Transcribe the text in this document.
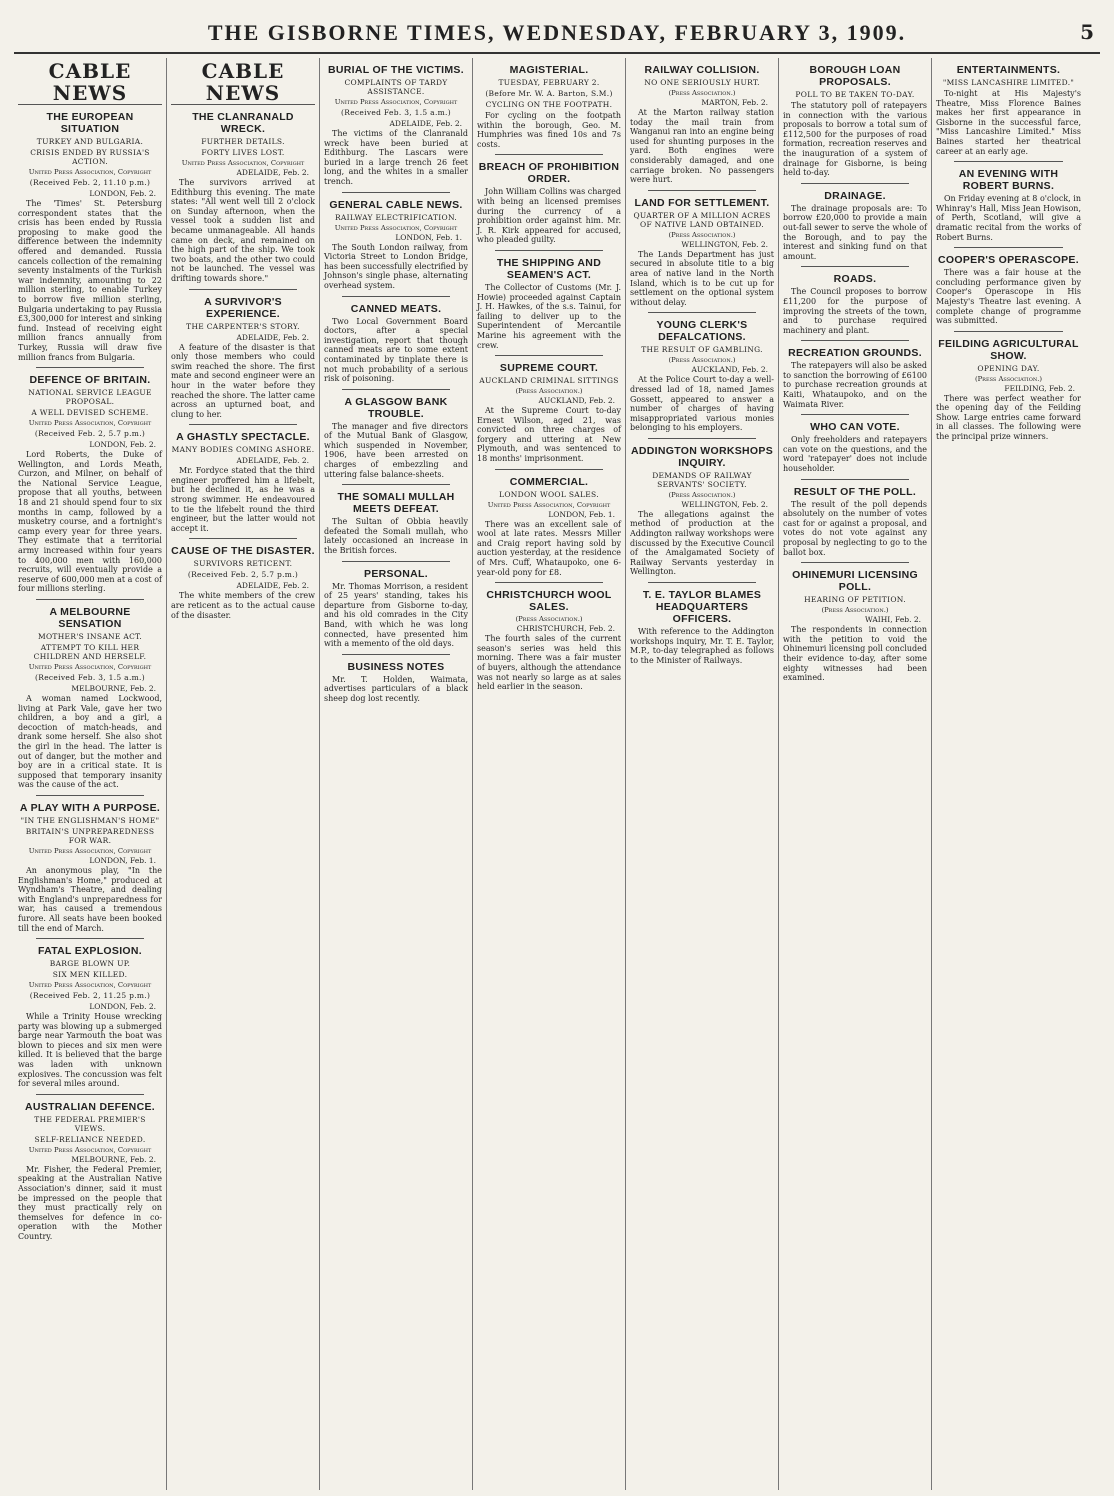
THE GISBORNE TIMES, WEDNESDAY, FEBRUARY 3, 1909.	5
CABLE NEWS
THE EUROPEAN SITUATION
TURKEY AND BULGARIA.
CRISIS ENDED BY RUSSIA'S ACTION.
United Press Association, Copyright
(Received Feb. 2, 11.10 p.m.)
LONDON, Feb. 2.

The 'Times' St. Petersburg correspondent states that the crisis has been ended by Russia proposing to make good the difference between the indemnity offered and demanded. Russia cancels collection of the remaining seventy instalments of the Turkish war indemnity, amounting to 22 million sterling, to enable Turkey to borrow five million sterling, Bulgaria undertaking to pay Russia £3,300,000 for interest and sinking fund. Instead of receiving eight million francs annually from Turkey, Russia will draw five million francs from Bulgaria.

DEFENCE OF BRITAIN.
NATIONAL SERVICE LEAGUE PROPOSAL.
A WELL DEVISED SCHEME.
United Press Association, Copyright
(Received Feb. 2, 5.7 p.m.)
LONDON, Feb. 2.

Lord Roberts, the Duke of Wellington, and Lords Meath, Curzon, and Milner, on behalf of the National Service League, propose that all youths, between 18 and 21 should spend four to six months in camp, followed by a musketry course, and a fortnight's camp every year for three years. They estimate that a territorial army increased within four years to 400,000 men with 160,000 recruits, will eventually provide a reserve of 600,000 men at a cost of four millions sterling.

A MELBOURNE SENSATION
MOTHER'S INSANE ACT.
ATTEMPT TO KILL HER CHILDREN AND HERSELF.
United Press Association, Copyright
(Received Feb. 3, 1.5 a.m.)
MELBOURNE, Feb. 2.

A woman named Lockwood, living at Park Vale, gave her two children, a boy and a girl, a decoction of match-heads, and drank some herself. She also shot the girl in the head. The latter is out of danger, but the mother and boy are in a critical state. It is supposed that temporary insanity was the cause of the act.

A PLAY WITH A PURPOSE.
"IN THE ENGLISHMAN'S HOME"
BRITAIN'S UNPREPAREDNESS FOR WAR.
United Press Association, Copyright
LONDON, Feb. 1.

An anonymous play, "In the Englishman's Home," produced at Wyndham's Theatre, and dealing with England's unpreparedness for war, has caused a tremendous furore. All seats have been booked till the end of March.

FATAL EXPLOSION.
BARGE BLOWN UP.
SIX MEN KILLED.
United Press Association, Copyright
(Received Feb. 2, 11.25 p.m.)
LONDON, Feb. 2.

While a Trinity House wrecking party was blowing up a submerged barge near Yarmouth the boat was blown to pieces and six men were killed. It is believed that the barge was laden with unknown explosives. The concussion was felt for several miles around.

AUSTRALIAN DEFENCE.
THE FEDERAL PREMIER'S VIEWS.
SELF-RELIANCE NEEDED.
United Press Association, Copyright
MELBOURNE, Feb. 2.

Mr. Fisher, the Federal Premier, speaking at the Australian Native Association's dinner, said it must be impressed on the people that they must practically rely on themselves for defence in co-operation with the Mother Country.

CABLE NEWS
THE CLANRANALD WRECK.
FURTHER DETAILS.
FORTY LIVES LOST.
United Press Association, Copyright
ADELAIDE, Feb. 2.

The survivors arrived at Edithburg this evening. The mate states: "All went well till 2 o'clock on Sunday afternoon, when the vessel took a sudden list and became unmanageable. All hands came on deck, and remained on the high part of the ship. We took two boats, and the other two could not be launched. The vessel was drifting towards shore."

A SURVIVOR'S EXPERIENCE.
THE CARPENTER'S STORY.
ADELAIDE, Feb. 2.

A feature of the disaster is that only those members who could swim reached the shore. The first mate and second engineer were an hour in the water before they reached the shore. The latter came across an upturned boat, and clung to her.

A GHASTLY SPECTACLE.
MANY BODIES COMING ASHORE.
ADELAIDE, Feb. 2.

Mr. Fordyce stated that the third engineer proffered him a lifebelt, but he declined it, as he was a strong swimmer. He endeavoured to tie the lifebelt round the third engineer, but the latter would not accept it.

CAUSE OF THE DISASTER.
SURVIVORS RETICENT.
(Received Feb. 2, 5.7 p.m.)
ADELAIDE, Feb. 2.

The white members of the crew are reticent as to the actual cause of the disaster.

BURIAL OF THE VICTIMS.
COMPLAINTS OF TARDY ASSISTANCE.
United Press Association, Copyright
(Received Feb. 3, 1.5 a.m.)
ADELAIDE, Feb. 2.

The victims of the Clanranald wreck have been buried at Edithburg. The Lascars were buried in a large trench 26 feet long, and the whites in a smaller trench.

GENERAL CABLE NEWS.
RAILWAY ELECTRIFICATION.
United Press Association, Copyright
LONDON, Feb. 1.

The South London railway, from Victoria Street to London Bridge, has been successfully electrified by Johnson's single phase, alternating overhead system.

CANNED MEATS.

Two Local Government Board doctors, after a special investigation, report that though canned meats are to some extent contaminated by tinplate there is not much probability of a serious risk of poisoning.

A GLASGOW BANK TROUBLE.

The manager and five directors of the Mutual Bank of Glasgow, which suspended in November, 1906, have been arrested on charges of embezzling and uttering false balance-sheets.

THE SOMALI MULLAH MEETS DEFEAT.

The Sultan of Obbia heavily defeated the Somali mullah, who lately occasioned an increase in the British forces.

PERSONAL.

Mr. Thomas Morrison, a resident of 25 years' standing, takes his departure from Gisborne to-day, and his old comrades in the City Band, with which he was long connected, have presented him with a memento of the old days.

BUSINESS NOTES

Mr. T. Holden, Waimata, advertises particulars of a black sheep dog lost recently.

MAGISTERIAL.
TUESDAY, FEBRUARY 2.
(Before Mr. W. A. Barton, S.M.)
CYCLING ON THE FOOTPATH.

For cycling on the footpath within the borough, Geo. M. Humphries was fined 10s and 7s costs.

BREACH OF PROHIBITION ORDER.

John William Collins was charged with being an licensed premises during the currency of a prohibition order against him. Mr. J. R. Kirk appeared for accused, who pleaded guilty.

THE SHIPPING AND SEAMEN'S ACT.

The Collector of Customs (Mr. J. Howie) proceeded against Captain J. H. Hawkes, of the s.s. Tainui, for failing to deliver up to the Superintendent of Mercantile Marine his agreement with the crew.

SUPREME COURT.
AUCKLAND CRIMINAL SITTINGS
(Press Association.)
AUCKLAND, Feb. 2.

At the Supreme Court to-day Ernest Wilson, aged 21, was convicted on three charges of forgery and uttering at New Plymouth, and was sentenced to 18 months' imprisonment.

COMMERCIAL.
LONDON WOOL SALES.
United Press Association, Copyright
LONDON, Feb. 1.

There was an excellent sale of wool at late rates. Messrs Miller and Craig report having sold by auction yesterday, at the residence of Mrs. Cuff, Whataupoko, one 6-year-old pony for £8.

CHRISTCHURCH WOOL SALES.
(Press Association.)
CHRISTCHURCH, Feb. 2.

The fourth sales of the current season's series was held this morning. There was a fair muster of buyers, although the attendance was not nearly so large as at sales held earlier in the season.

RAILWAY COLLISION.
NO ONE SERIOUSLY HURT.
(Press Association.)
MARTON, Feb. 2.

At the Marton railway station today the mail train from Wanganui ran into an engine being used for shunting purposes in the yard. Both engines were considerably damaged, and one carriage broken. No passengers were hurt.

LAND FOR SETTLEMENT.
QUARTER OF A MILLION ACRES OF NATIVE LAND OBTAINED.
(Press Association.)
WELLINGTON, Feb. 2.

The Lands Department has just secured in absolute title to a big area of native land in the North Island, which is to be cut up for settlement on the optional system without delay.

YOUNG CLERK'S DEFALCATIONS.
THE RESULT OF GAMBLING.
(Press Association.)
AUCKLAND, Feb. 2.

At the Police Court to-day a well-dressed lad of 18, named James Gossett, appeared to answer a number of charges of having misappropriated various monies belonging to his employers.

ADDINGTON WORKSHOPS INQUIRY.
DEMANDS OF RAILWAY SERVANTS' SOCIETY.
(Press Association.)
WELLINGTON, Feb. 2.

The allegations against the method of production at the Addington railway workshops were discussed by the Executive Council of the Amalgamated Society of Railway Servants yesterday in Wellington.

T. E. TAYLOR BLAMES HEADQUARTERS OFFICERS.

With reference to the Addington workshops inquiry, Mr. T. E. Taylor, M.P., to-day telegraphed as follows to the Minister of Railways.

BOROUGH LOAN PROPOSALS.
POLL TO BE TAKEN TO-DAY.

The statutory poll of ratepayers in connection with the various proposals to borrow a total sum of £112,500 for the purposes of road formation, recreation reserves and the inauguration of a system of drainage for Gisborne, is being held to-day.

DRAINAGE.

The drainage proposals are: To borrow £20,000 to provide a main out-fall sewer to serve the whole of the Borough, and to pay the interest and sinking fund on that amount.

ROADS.

The Council proposes to borrow £11,200 for the purpose of improving the streets of the town, and to purchase required machinery and plant.

RECREATION GROUNDS.

The ratepayers will also be asked to sanction the borrowing of £6100 to purchase recreation grounds at Kaiti, Whataupoko, and on the Waimata River.

WHO CAN VOTE.

Only freeholders and ratepayers can vote on the questions, and the word 'ratepayer' does not include householder.

RESULT OF THE POLL.

The result of the poll depends absolutely on the number of votes cast for or against a proposal, and votes do not vote against any proposal by neglecting to go to the ballot box.

OHINEMURI LICENSING POLL.
HEARING OF PETITION.
(Press Association.)
WAIHI, Feb. 2.

The respondents in connection with the petition to void the Ohinemuri licensing poll concluded their evidence to-day, after some eighty witnesses had been examined.

ENTERTAINMENTS.
"MISS LANCASHIRE LIMITED."

To-night at His Majesty's Theatre, Miss Florence Baines makes her first appearance in Gisborne in the successful farce, "Miss Lancashire Limited." Miss Baines started her theatrical career at an early age.

AN EVENING WITH ROBERT BURNS.

On Friday evening at 8 o'clock, in Whinray's Hall, Miss Jean Howison, of Perth, Scotland, will give a dramatic recital from the works of Robert Burns.

COOPER'S OPERASCOPE.

There was a fair house at the concluding performance given by Cooper's Operascope in His Majesty's Theatre last evening. A complete change of programme was submitted.

FEILDING AGRICULTURAL SHOW.
OPENING DAY.
(Press Association.)
FEILDING, Feb. 2.

There was perfect weather for the opening day of the Feilding Show. Large entries came forward in all classes. The following were the principal prize winners.
